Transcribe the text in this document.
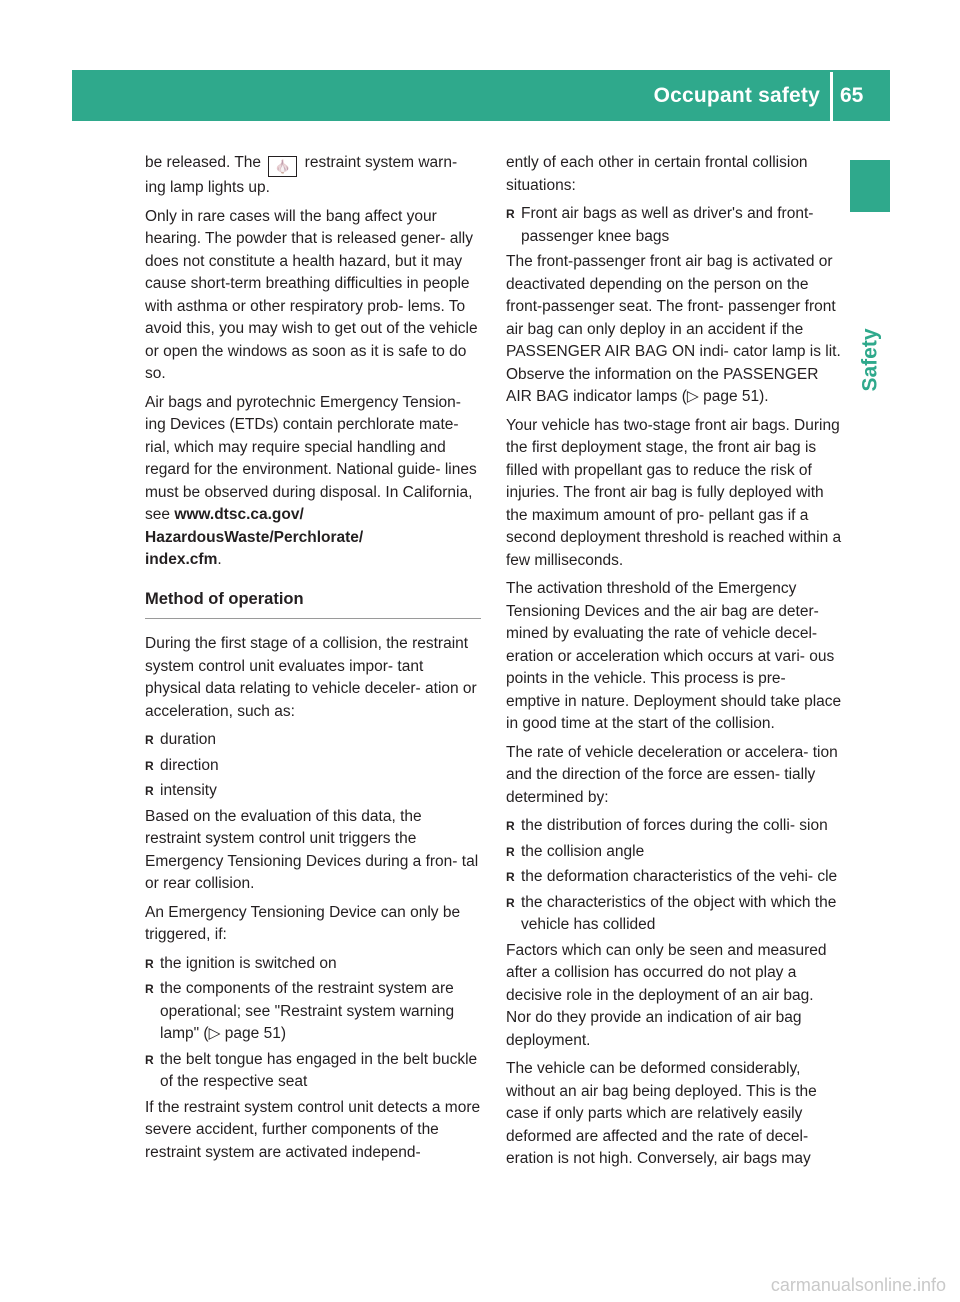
Occupant safety 65
Safety

be released. The 🧄 restraint system warn- ing lamp lights up.

Only in rare cases will the bang affect your hearing. The powder that is released gener- ally does not constitute a health hazard, but it may cause short-term breathing difficulties in people with asthma or other respiratory prob- lems. To avoid this, you may wish to get out of the vehicle or open the windows as soon as it is safe to do so.

Air bags and pyrotechnic Emergency Tension- ing Devices (ETDs) contain perchlorate mate- rial, which may require special handling and regard for the environment. National guide- lines must be observed during disposal. In California, see www.dtsc.ca.gov/
HazardousWaste/Perchlorate/
index.cfm.

Method of operation

During the first stage of a collision, the restraint system control unit evaluates impor- tant physical data relating to vehicle deceler- ation or acceleration, such as:

R duration
R direction
R intensity

Based on the evaluation of this data, the restraint system control unit triggers the Emergency Tensioning Devices during a fron- tal or rear collision.

An Emergency Tensioning Device can only be triggered, if:

R the ignition is switched on
R the components of the restraint system are operational; see "Restraint system warning lamp" (▷ page 51)
R the belt tongue has engaged in the belt buckle of the respective seat

If the restraint system control unit detects a more severe accident, further components of the restraint system are activated independ-

ently of each other in certain frontal collision situations:

R Front air bags as well as driver's and front- passenger knee bags

The front-passenger front air bag is activated or deactivated depending on the person on the front-passenger seat. The front- passenger front air bag can only deploy in an accident if the PASSENGER AIR BAG ON indi- cator lamp is lit. Observe the information on the PASSENGER AIR BAG indicator lamps (▷ page 51).

Your vehicle has two-stage front air bags. During the first deployment stage, the front air bag is filled with propellant gas to reduce the risk of injuries. The front air bag is fully deployed with the maximum amount of pro- pellant gas if a second deployment threshold is reached within a few milliseconds.

The activation threshold of the Emergency Tensioning Devices and the air bag are deter- mined by evaluating the rate of vehicle decel- eration or acceleration which occurs at vari- ous points in the vehicle. This process is pre- emptive in nature. Deployment should take place in good time at the start of the collision.

The rate of vehicle deceleration or accelera- tion and the direction of the force are essen- tially determined by:

R the distribution of forces during the colli- sion
R the collision angle
R the deformation characteristics of the vehi- cle
R the characteristics of the object with which the vehicle has collided

Factors which can only be seen and measured after a collision has occurred do not play a decisive role in the deployment of an air bag. Nor do they provide an indication of air bag deployment.

The vehicle can be deformed considerably, without an air bag being deployed. This is the case if only parts which are relatively easily deformed are affected and the rate of decel- eration is not high. Conversely, air bags may

carmanualsonline.info
